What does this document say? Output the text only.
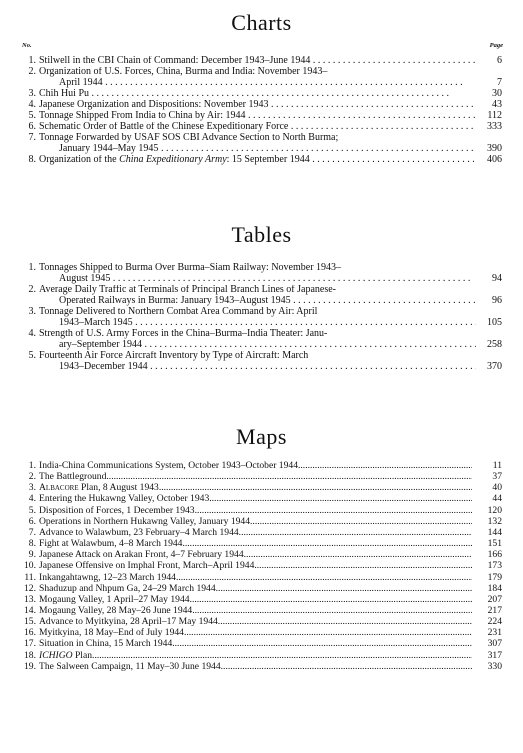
Charts
No.	Page
1. Stilwell in the CBI Chain of Command: December 1943–June 1944 . . .	6
2. Organization of U.S. Forces, China, Burma and India: November 1943–
April 1944 . . .	7
3. Chih Hui Pu . . .	30
4. Japanese Organization and Dispositions: November 1943 . . .	43
5. Tonnage Shipped From India to China by Air: 1944 . . .	112
6. Schematic Order of Battle of the Chinese Expeditionary Force . . .	333
7. Tonnage Forwarded by USAF SOS CBI Advance Section to North Burma;
January 1944–May 1945 . . .	390
8. Organization of the China Expeditionary Army: 15 September 1944 . . .	406
Tables
1. Tonnages Shipped to Burma Over Burma–Siam Railway: November 1943–
August 1945 . . .	94
2. Average Daily Traffic at Terminals of Principal Branch Lines of Japanese-
Operated Railways in Burma: January 1943–August 1945 . . .	96
3. Tonnage Delivered to Northern Combat Area Command by Air: April
1943–March 1945 . . .	105
4. Strength of U.S. Army Forces in the China–Burma–India Theater: Janu-
ary–September 1944 . . .	258
5. Fourteenth Air Force Aircraft Inventory by Type of Aircraft: March
1943–December 1944 . . .	370
Maps
1. India-China Communications System, October 1943–October 1944 .....	11
2. The Battleground .....	37
3. Albacore Plan, 8 August 1943 .....	40
4. Entering the Hukawng Valley, October 1943 .....	44
5. Disposition of Forces, 1 December 1943 .....	120
6. Operations in Northern Hukawng Valley, January 1944 .....	132
7. Advance to Walawbum, 23 February–4 March 1944 .....	144
8. Fight at Walawbum, 4–8 March 1944 .....	151
9. Japanese Attack on Arakan Front, 4–7 February 1944 .....	166
10. Japanese Offensive on Imphal Front, March–April 1944 .....	173
11. Inkangahtawng, 12–23 March 1944 .....	179
12. Shaduzup and Nhpum Ga, 24–29 March 1944 .....	184
13. Mogaung Valley, 1 April–27 May 1944 .....	207
14. Mogaung Valley, 28 May–26 June 1944 .....	217
15. Advance to Myitkyina, 28 April–17 May 1944 .....	224
16. Myitkyina, 18 May–End of July 1944 .....	231
17. Situation in China, 15 March 1944 .....	307
18. ICHIGO Plan .....	317
19. The Salween Campaign, 11 May–30 June 1944 .....	330
